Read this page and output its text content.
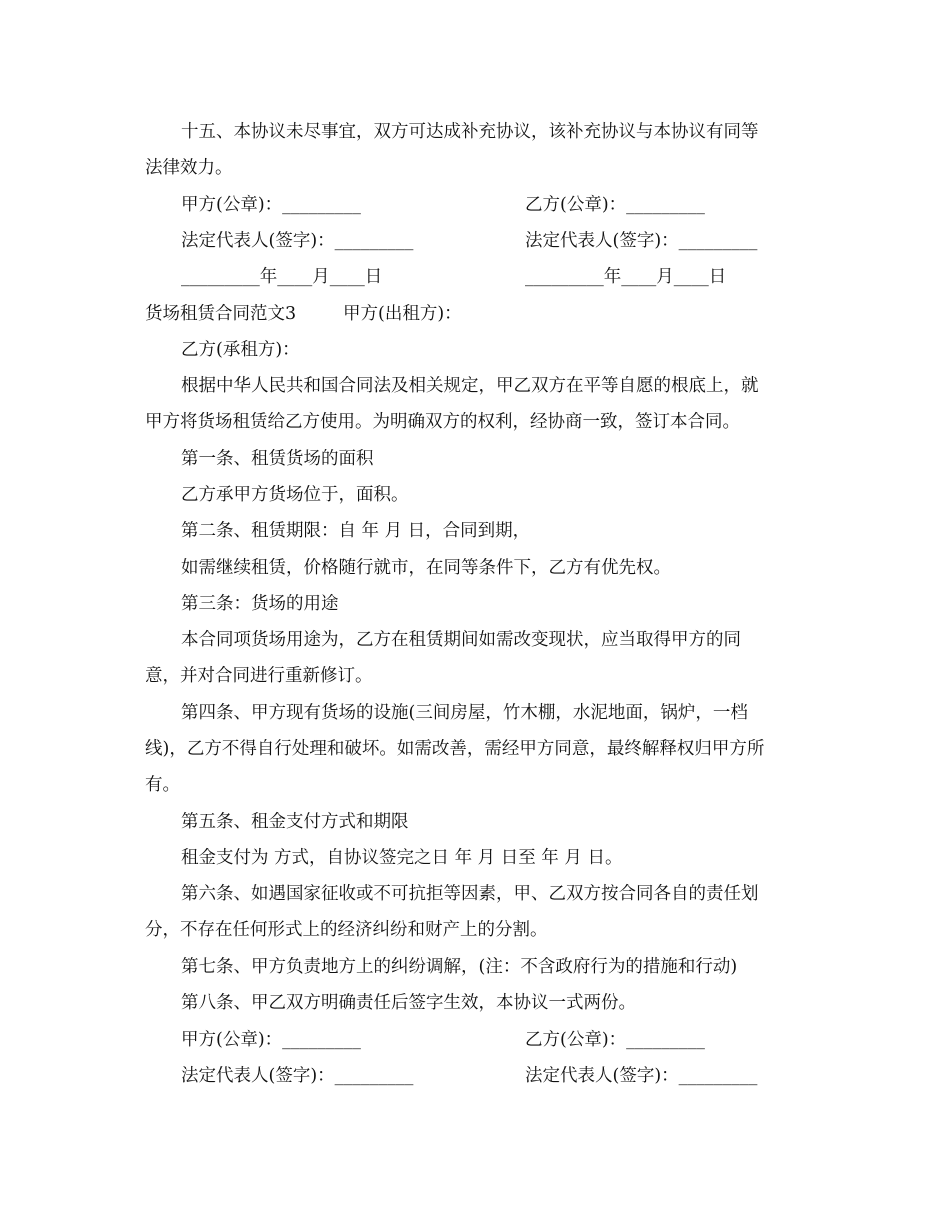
十五、本协议未尽事宜，双方可达成补充协议，该补充协议与本协议有同等
法律效力。
甲方(公章)：_________	乙方(公章)：_________
法定代表人(签字)：_________	法定代表人(签字)：_________
_________年____月____日	_________年____月____日
货场租赁合同范文3	甲方(出租方)：
乙方(承租方)：
根据中华人民共和国合同法及相关规定，甲乙双方在平等自愿的根底上，就
甲方将货场租赁给乙方使用。为明确双方的权利，经协商一致，签订本合同。
第一条、租赁货场的面积
乙方承甲方货场位于，面积。
第二条、租赁期限：自 年 月 日，合同到期，
如需继续租赁，价格随行就市，在同等条件下，乙方有优先权。
第三条：货场的用途
本合同项货场用途为，乙方在租赁期间如需改变现状，应当取得甲方的同
意，并对合同进行重新修订。
第四条、甲方现有货场的设施(三间房屋，竹木棚，水泥地面，锅炉，一档
线)，乙方不得自行处理和破坏。如需改善，需经甲方同意，最终解释权归甲方所
有。
第五条、租金支付方式和期限
租金支付为 方式，自协议签完之日 年 月 日至 年 月 日。
第六条、如遇国家征收或不可抗拒等因素，甲、乙双方按合同各自的责任划
分，不存在任何形式上的经济纠纷和财产上的分割。
第七条、甲方负责地方上的纠纷调解，(注：不含政府行为的措施和行动)
第八条、甲乙双方明确责任后签字生效，本协议一式两份。
甲方(公章)：_________	乙方(公章)：_________
法定代表人(签字)：_________	法定代表人(签字)：_________
